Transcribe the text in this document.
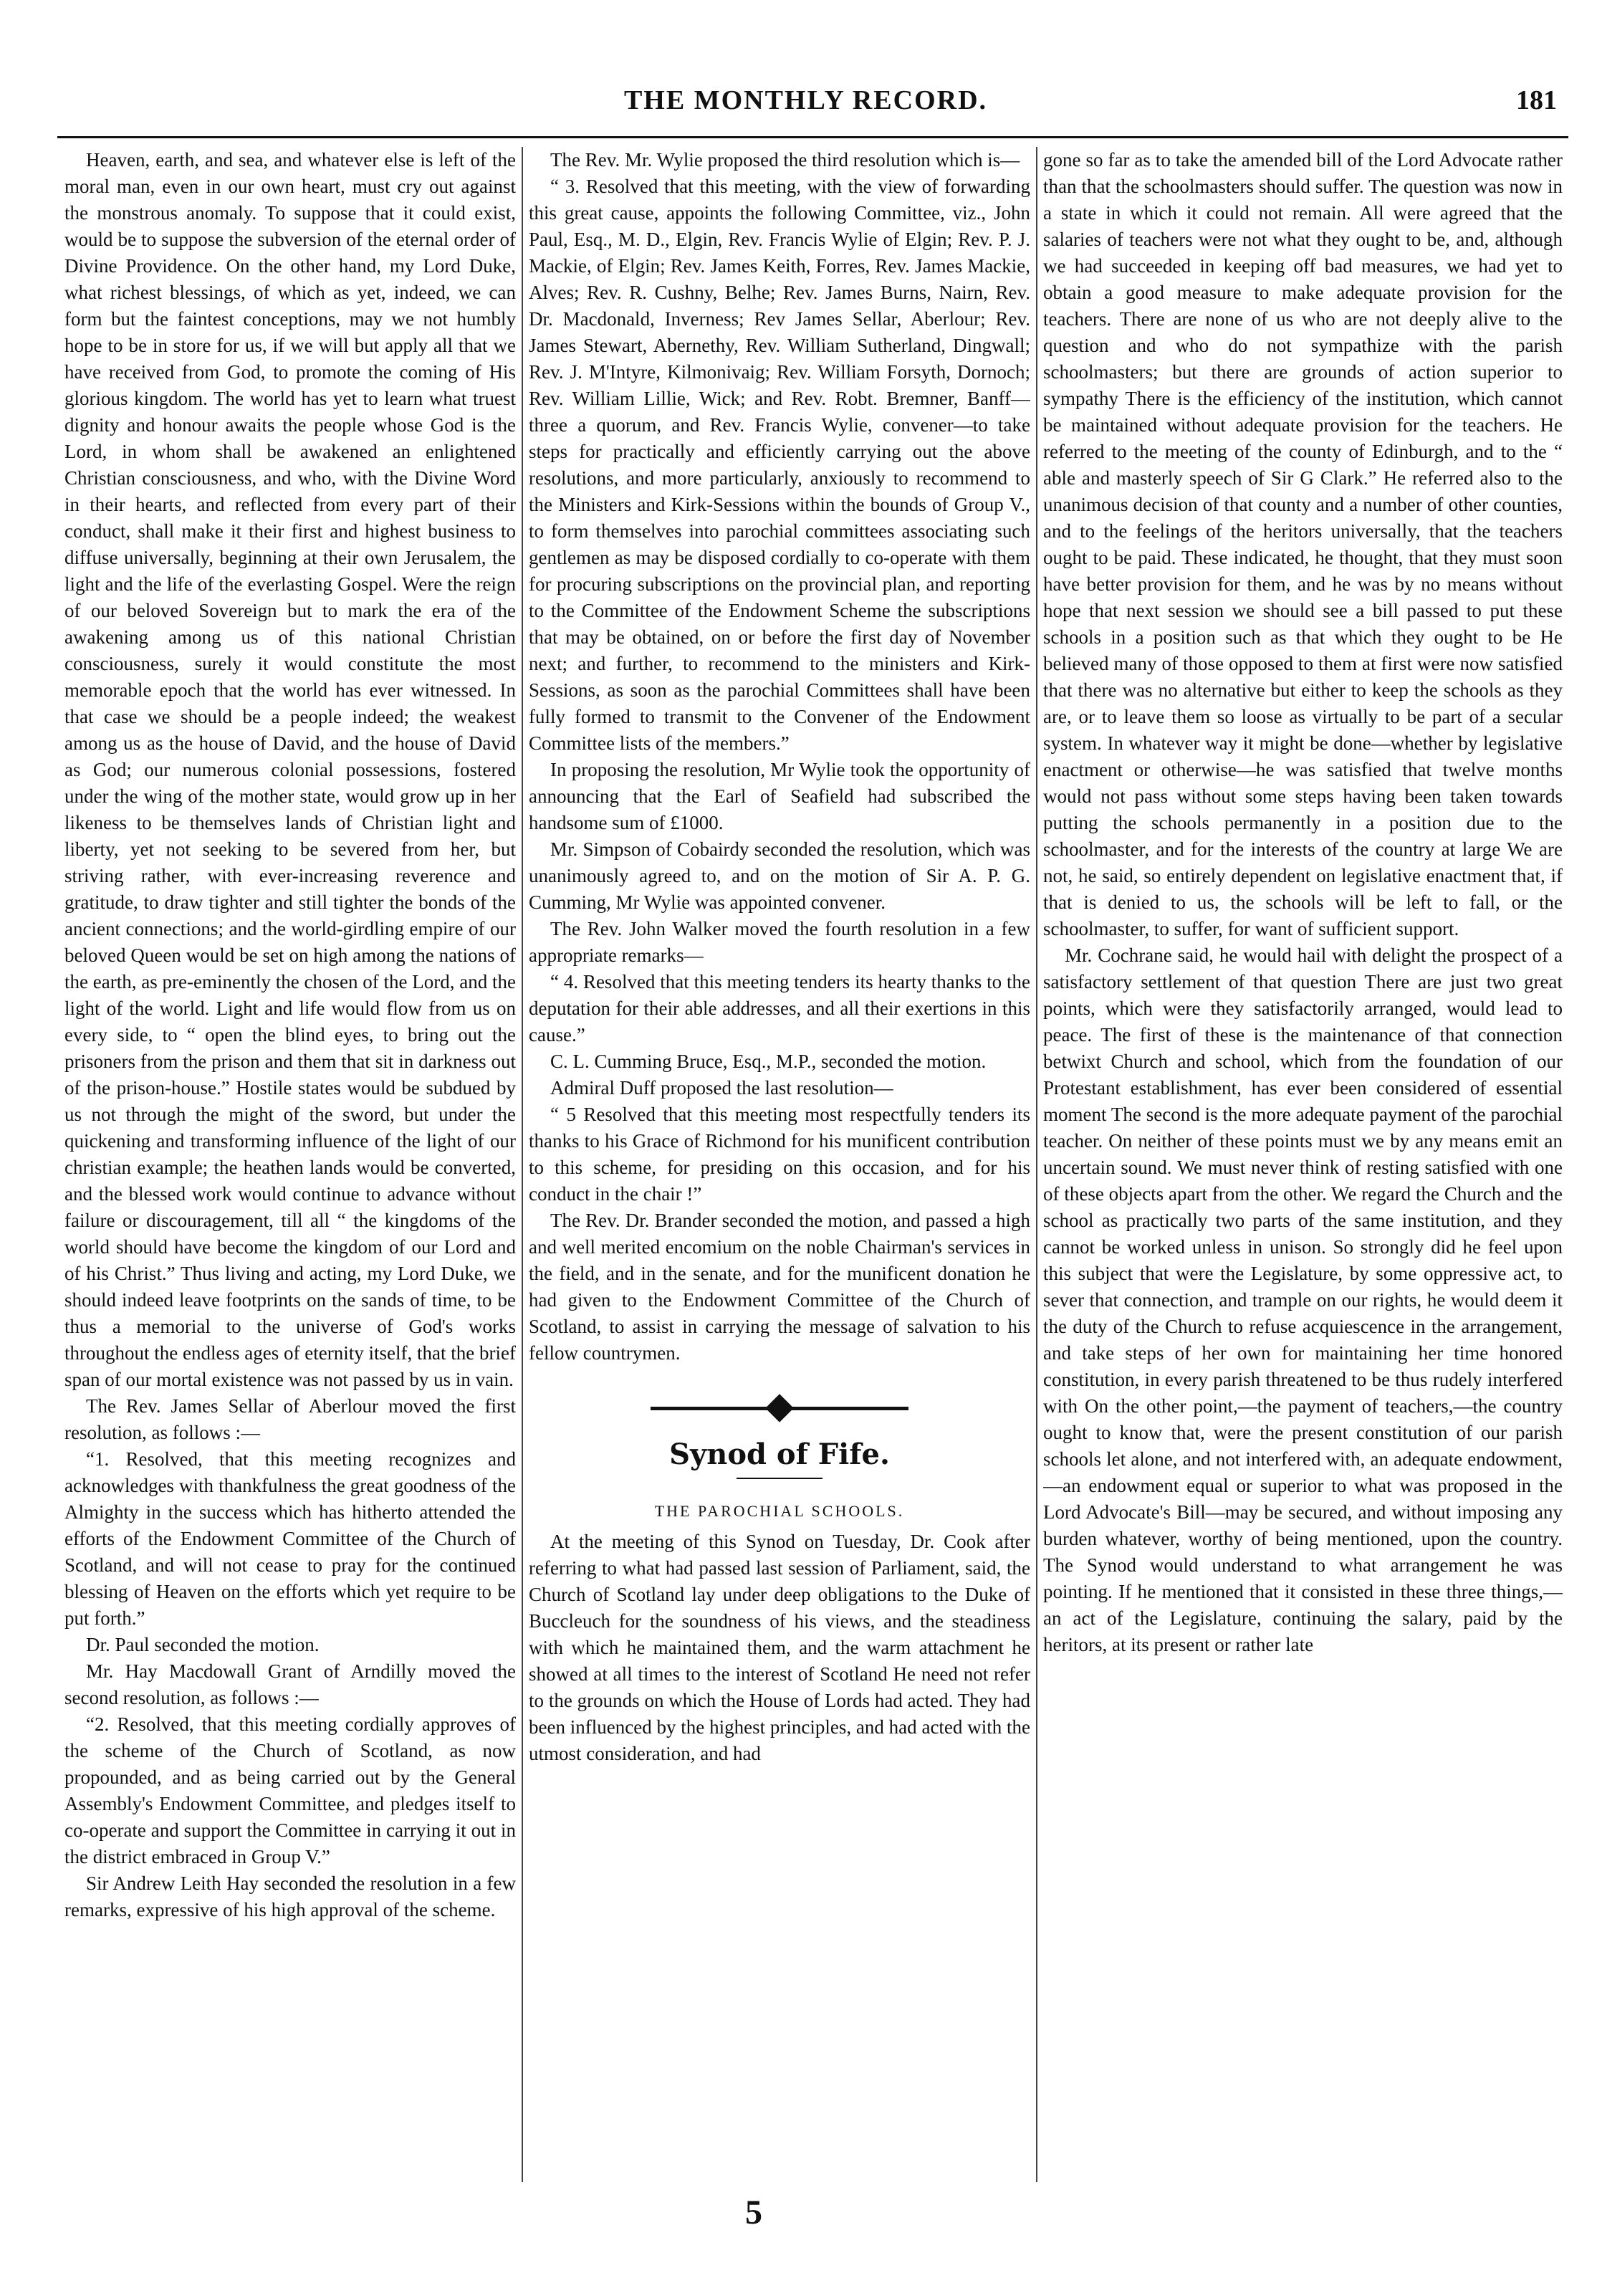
THE MONTHLY RECORD.	181

Heaven, earth, and sea, and whatever else is left of the moral man, even in our own heart, must cry out against the monstrous anomaly. To suppose that it could exist, would be to suppose the subversion of the eternal order of Divine Providence. On the other hand, my Lord Duke, what richest blessings, of which as yet, indeed, we can form but the faintest conceptions, may we not humbly hope to be in store for us, if we will but apply all that we have received from God, to promote the coming of His glorious kingdom. The world has yet to learn what truest dignity and honour awaits the people whose God is the Lord, in whom shall be awakened an enlightened Christian consciousness, and who, with the Divine Word in their hearts, and reflected from every part of their conduct, shall make it their first and highest business to diffuse universally, beginning at their own Jerusalem, the light and the life of the everlasting Gospel. Were the reign of our beloved Sovereign but to mark the era of the awakening among us of this national Christian consciousness, surely it would constitute the most memorable epoch that the world has ever witnessed. In that case we should be a people indeed; the weakest among us as the house of David, and the house of David as God; our numerous colonial possessions, fostered under the wing of the mother state, would grow up in her likeness to be themselves lands of Christian light and liberty, yet not seeking to be severed from her, but striving rather, with ever-increasing reverence and gratitude, to draw tighter and still tighter the bonds of the ancient connections; and the world-girdling empire of our beloved Queen would be set on high among the nations of the earth, as pre-eminently the chosen of the Lord, and the light of the world. Light and life would flow from us on every side, to “ open the blind eyes, to bring out the prisoners from the prison and them that sit in darkness out of the prison-house.” Hostile states would be subdued by us not through the might of the sword, but under the quickening and transforming influence of the light of our christian example; the heathen lands would be converted, and the blessed work would continue to advance without failure or discouragement, till all “ the kingdoms of the world should have become the kingdom of our Lord and of his Christ.” Thus living and acting, my Lord Duke, we should indeed leave footprints on the sands of time, to be thus a memorial to the universe of God's works throughout the endless ages of eternity itself, that the brief span of our mortal existence was not passed by us in vain.

The Rev. James Sellar of Aberlour moved the first resolution, as follows :—

“1. Resolved, that this meeting recognizes and acknowledges with thankfulness the great goodness of the Almighty in the success which has hitherto attended the efforts of the Endowment Committee of the Church of Scotland, and will not cease to pray for the continued blessing of Heaven on the efforts which yet require to be put forth.”

Dr. Paul seconded the motion.

Mr. Hay Macdowall Grant of Arndilly moved the second resolution, as follows :—

“2. Resolved, that this meeting cordially approves of the scheme of the Church of Scotland, as now propounded, and as being carried out by the General Assembly's Endowment Committee, and pledges itself to co-operate and support the Committee in carrying it out in the district embraced in Group V.”

Sir Andrew Leith Hay seconded the resolution in a few remarks, expressive of his high approval of the scheme.

The Rev. Mr. Wylie proposed the third resolution which is—

“ 3. Resolved that this meeting, with the view of forwarding this great cause, appoints the following Committee, viz., John Paul, Esq., M. D., Elgin, Rev. Francis Wylie of Elgin; Rev. P. J. Mackie, of Elgin; Rev. James Keith, Forres, Rev. James Mackie, Alves; Rev. R. Cushny, Belhe; Rev. James Burns, Nairn, Rev. Dr. Macdonald, Inverness; Rev James Sellar, Aberlour; Rev. James Stewart, Abernethy, Rev. William Sutherland, Dingwall; Rev. J. M'Intyre, Kilmonivaig; Rev. William Forsyth, Dornoch; Rev. William Lillie, Wick; and Rev. Robt. Bremner, Banff—three a quorum, and Rev. Francis Wylie, convener—to take steps for practically and efficiently carrying out the above resolutions, and more particularly, anxiously to recommend to the Ministers and Kirk-Sessions within the bounds of Group V., to form themselves into parochial committees associating such gentlemen as may be disposed cordially to co-operate with them for procuring subscriptions on the provincial plan, and reporting to the Committee of the Endowment Scheme the subscriptions that may be obtained, on or before the first day of November next; and further, to recommend to the ministers and Kirk-Sessions, as soon as the parochial Committees shall have been fully formed to transmit to the Convener of the Endowment Committee lists of the members.”

In proposing the resolution, Mr Wylie took the opportunity of announcing that the Earl of Seafield had subscribed the handsome sum of £1000.

Mr. Simpson of Cobairdy seconded the resolution, which was unanimously agreed to, and on the motion of Sir A. P. G. Cumming, Mr Wylie was appointed convener.

The Rev. John Walker moved the fourth resolution in a few appropriate remarks—

“ 4. Resolved that this meeting tenders its hearty thanks to the deputation for their able addresses, and all their exertions in this cause.”

C. L. Cumming Bruce, Esq., M.P., seconded the motion.

Admiral Duff proposed the last resolution—

“ 5 Resolved that this meeting most respectfully tenders its thanks to his Grace of Richmond for his munificent contribution to this scheme, for presiding on this occasion, and for his conduct in the chair !”

The Rev. Dr. Brander seconded the motion, and passed a high and well merited encomium on the noble Chairman's services in the field, and in the senate, and for the munificent donation he had given to the Endowment Committee of the Church of Scotland, to assist in carrying the message of salvation to his fellow countrymen.

Synod of Fife.
THE PAROCHIAL SCHOOLS.

At the meeting of this Synod on Tuesday, Dr. Cook after referring to what had passed last session of Parliament, said, the Church of Scotland lay under deep obligations to the Duke of Buccleuch for the soundness of his views, and the steadiness with which he maintained them, and the warm attachment he showed at all times to the interest of Scotland He need not refer to the grounds on which the House of Lords had acted. They had been influenced by the highest principles, and had acted with the utmost consideration, and had

gone so far as to take the amended bill of the Lord Advocate rather than that the schoolmasters should suffer. The question was now in a state in which it could not remain. All were agreed that the salaries of teachers were not what they ought to be, and, although we had succeeded in keeping off bad measures, we had yet to obtain a good measure to make adequate provision for the teachers. There are none of us who are not deeply alive to the question and who do not sympathize with the parish schoolmasters; but there are grounds of action superior to sympathy There is the efficiency of the institution, which cannot be maintained without adequate provision for the teachers. He referred to the meeting of the county of Edinburgh, and to the “ able and masterly speech of Sir G Clark.” He referred also to the unanimous decision of that county and a number of other counties, and to the feelings of the heritors universally, that the teachers ought to be paid. These indicated, he thought, that they must soon have better provision for them, and he was by no means without hope that next session we should see a bill passed to put these schools in a position such as that which they ought to be He believed many of those opposed to them at first were now satisfied that there was no alternative but either to keep the schools as they are, or to leave them so loose as virtually to be part of a secular system. In whatever way it might be done—whether by legislative enactment or otherwise—he was satisfied that twelve months would not pass without some steps having been taken towards putting the schools permanently in a position due to the schoolmaster, and for the interests of the country at large We are not, he said, so entirely dependent on legislative enactment that, if that is denied to us, the schools will be left to fall, or the schoolmaster, to suffer, for want of sufficient support.

Mr. Cochrane said, he would hail with delight the prospect of a satisfactory settlement of that question There are just two great points, which were they satisfactorily arranged, would lead to peace. The first of these is the maintenance of that connection betwixt Church and school, which from the foundation of our Protestant establishment, has ever been considered of essential moment The second is the more adequate payment of the parochial teacher. On neither of these points must we by any means emit an uncertain sound. We must never think of resting satisfied with one of these objects apart from the other. We regard the Church and the school as practically two parts of the same institution, and they cannot be worked unless in unison. So strongly did he feel upon this subject that were the Legislature, by some oppressive act, to sever that connection, and trample on our rights, he would deem it the duty of the Church to refuse acquiescence in the arrangement, and take steps of her own for maintaining her time honored constitution, in every parish threatened to be thus rudely interfered with On the other point,—the payment of teachers,—the country ought to know that, were the present constitution of our parish schools let alone, and not interfered with, an adequate endowment,—an endowment equal or superior to what was proposed in the Lord Advocate's Bill—may be secured, and without imposing any burden whatever, worthy of being mentioned, upon the country. The Synod would understand to what arrangement he was pointing. If he mentioned that it consisted in these three things,—an act of the Legislature, continuing the salary, paid by the heritors, at its present or rather late

5
